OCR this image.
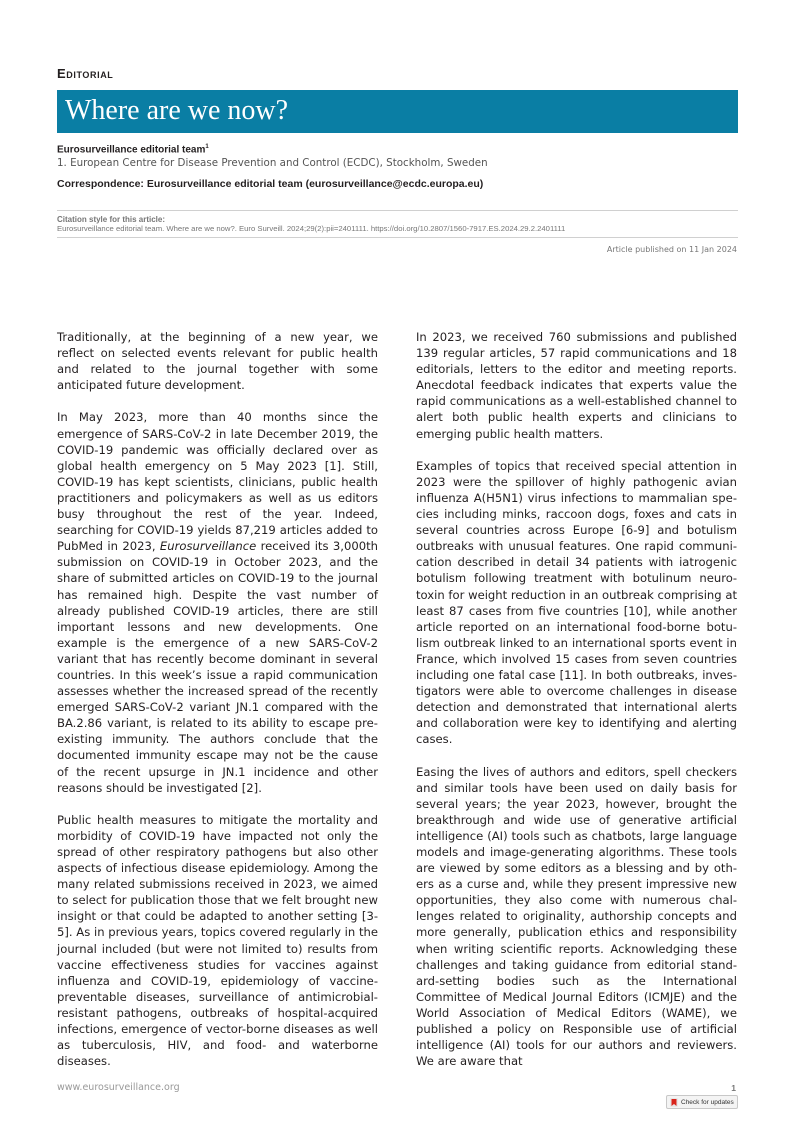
Editorial
Where are we now?
Eurosurveillance editorial team$^1$
1. European Centre for Disease Prevention and Control (ECDC), Stockholm, Sweden
Correspondence: Eurosurveillance editorial team (eurosurveillance@ecdc.europa.eu)
Citation style for this article:
Eurosurveillance editorial team. Where are we now?. Euro Surveill. 2024;29(2):pii=2401111. https://doi.org/10.2807/1560-7917.ES.2024.29.2.2401111
Article published on 11 Jan 2024

Traditionally, at the beginning of a new year, we reflect on selected events relevant for public health and related to the journal together with some anticipated future development.

In May 2023, more than 40 months since the emergence of SARS-CoV-2 in late December 2019, the COVID-19 pandemic was officially declared over as global health emergency on 5 May 2023 [1]. Still, COVID-19 has kept scientists, clinicians, public health practitioners and policymakers as well as us editors busy throughout the rest of the year. Indeed, searching for COVID-19 yields 87,219 articles added to PubMed in 2023, Eurosurveillance received its 3,000th submission on COVID-19 in October 2023, and the share of submitted articles on COVID-19 to the journal has remained high. Despite the vast number of already published COVID-19 articles, there are still important lessons and new developments. One example is the emergence of a new SARS-CoV-2 variant that has recently become dominant in several countries. In this week’s issue a rapid communication assesses whether the increased spread of the recently emerged SARS-CoV-2 variant JN.1 compared with the BA.2.86 variant, is related to its ability to escape pre-existing immunity. The authors conclude that the documented immunity escape may not be the cause of the recent upsurge in JN.1 incidence and other reasons should be investigated [2].

Public health measures to mitigate the mortality and morbidity of COVID-19 have impacted not only the spread of other respiratory pathogens but also other aspects of infectious disease epidemiology. Among the many related submissions received in 2023, we aimed to select for publication those that we felt brought new insight or that could be adapted to another setting [3-5]. As in previous years, topics covered regularly in the journal included (but were not limited to) results from vaccine effectiveness studies for vaccines against influenza and COVID-19, epidemiology of vaccine-preventable diseases, surveillance of antimicrobial-resistant pathogens, outbreaks of hospital-acquired infections, emergence of vector-borne diseases as well as tuberculosis, HIV, and food- and waterborne diseases.

In 2023, we received 760 submissions and published 139 regular articles, 57 rapid communications and 18 editorials, letters to the editor and meeting reports. Anecdotal feedback indicates that experts value the rapid communications as a well-established channel to alert both public health experts and clinicians to emerging public health matters.

Examples of topics that received special attention in 2023 were the spillover of highly pathogenic avian influenza A(H5N1) virus infections to mammalian species including minks, raccoon dogs, foxes and cats in several countries across Europe [6-9] and botulism outbreaks with unusual features. One rapid communication described in detail 34 patients with iatrogenic botulism following treatment with botulinum neurotoxin for weight reduction in an outbreak comprising at least 87 cases from five countries [10], while another article reported on an international food-borne botulism outbreak linked to an international sports event in France, which involved 15 cases from seven countries including one fatal case [11]. In both outbreaks, investigators were able to overcome challenges in disease detection and demonstrated that international alerts and collaboration were key to identifying and alerting cases.

Easing the lives of authors and editors, spell checkers and similar tools have been used on daily basis for several years; the year 2023, however, brought the breakthrough and wide use of generative artificial intelligence (AI) tools such as chatbots, large language models and image-generating algorithms. These tools are viewed by some editors as a blessing and by others as a curse and, while they present impressive new opportunities, they also come with numerous challenges related to originality, authorship concepts and more generally, publication ethics and responsibility when writing scientific reports. Acknowledging these challenges and taking guidance from editorial standard-setting bodies such as the International Committee of Medical Journal Editors (ICMJE) and the World Association of Medical Editors (WAME), we published a policy on Responsible use of artificial intelligence (AI) tools for our authors and reviewers. We are aware that

www.eurosurveillance.org	1
Check for updates
